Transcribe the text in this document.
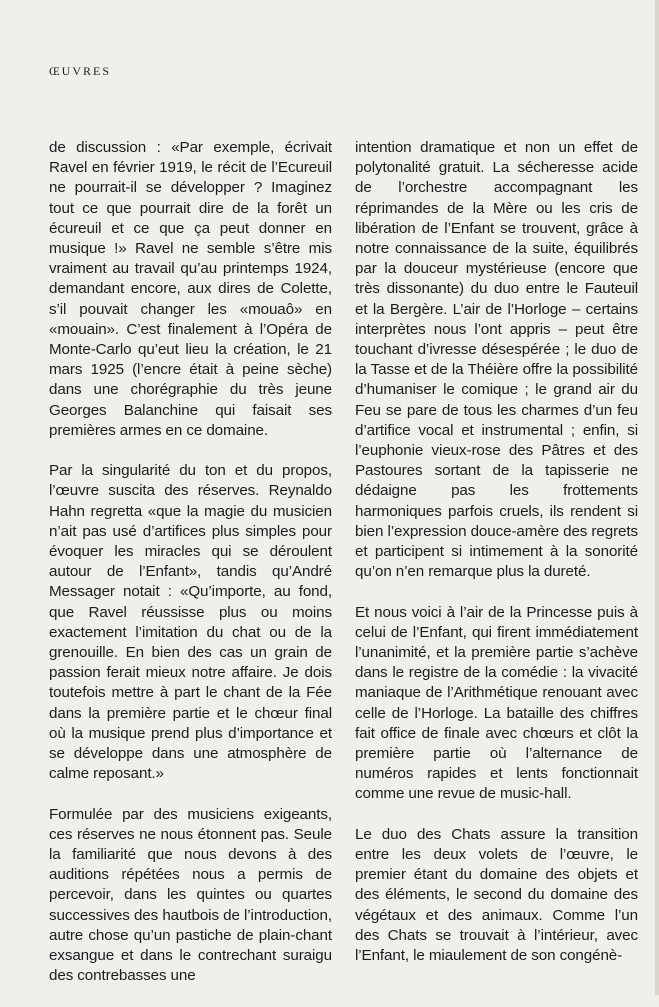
ŒUVRES

de discussion : «Par exemple, écrivait Ravel en février 1919, le récit de l’Ecureuil ne pourrait-il se développer ? Imaginez tout ce que pourrait dire de la forêt un écureuil et ce que ça peut donner en musique !» Ravel ne semble s’être mis vraiment au travail qu’au printemps 1924, demandant encore, aux dires de Colette, s’il pouvait changer les «mouaô» en «mouain». C’est finalement à l’Opéra de Monte-Carlo qu’eut lieu la création, le 21 mars 1925 (l’encre était à peine sèche) dans une chorégraphie du très jeune Georges Balanchine qui faisait ses premières armes en ce domaine.

Par la singularité du ton et du propos, l’œuvre suscita des réserves. Reynaldo Hahn regretta «que la magie du musicien n’ait pas usé d’artifices plus simples pour évoquer les miracles qui se déroulent autour de l’Enfant», tandis qu’André Messager notait : «Qu’importe, au fond, que Ravel réussisse plus ou moins exactement l’imitation du chat ou de la grenouille. En bien des cas un grain de passion ferait mieux notre affaire. Je dois toutefois mettre à part le chant de la Fée dans la première partie et le chœur final où la musique prend plus d’importance et se développe dans une atmosphère de calme reposant.»

Formulée par des musiciens exigeants, ces réserves ne nous étonnent pas. Seule la familiarité que nous devons à des auditions répétées nous a permis de percevoir, dans les quintes ou quartes successives des hautbois de l’introduction, autre chose qu’un pastiche de plain-chant exsangue et dans le contrechant suraigu des contrebasses une

intention dramatique et non un effet de polytonalité gratuit. La sécheresse acide de l’orchestre accompagnant les réprimandes de la Mère ou les cris de libération de l’Enfant se trouvent, grâce à notre connaissance de la suite, équilibrés par la douceur mystérieuse (encore que très dissonante) du duo entre le Fauteuil et la Bergère. L’air de l’Horloge – certains interprètes nous l’ont appris – peut être touchant d’ivresse désespérée ; le duo de la Tasse et de la Théière offre la possibilité d’humaniser le comique ; le grand air du Feu se pare de tous les charmes d’un feu d’artifice vocal et instrumental ; enfin, si l’euphonie vieux-rose des Pâtres et des Pastoures sortant de la tapisserie ne dédaigne pas les frottements harmoniques parfois cruels, ils rendent si bien l’expression douce-amère des regrets et participent si intimement à la sonorité qu’on n’en remarque plus la dureté.

Et nous voici à l’air de la Princesse puis à celui de l’Enfant, qui firent immédiatement l’unanimité, et la première partie s’achève dans le registre de la comédie : la vivacité maniaque de l’Arithmétique renouant avec celle de l’Horloge. La bataille des chiffres fait office de finale avec chœurs et clôt la première partie où l’alternance de numéros rapides et lents fonctionnait comme une revue de music-hall.

Le duo des Chats assure la transition entre les deux volets de l’œuvre, le premier étant du domaine des objets et des éléments, le second du domaine des végétaux et des animaux. Comme l’un des Chats se trouvait à l’intérieur, avec l’Enfant, le miaulement de son congénè-
